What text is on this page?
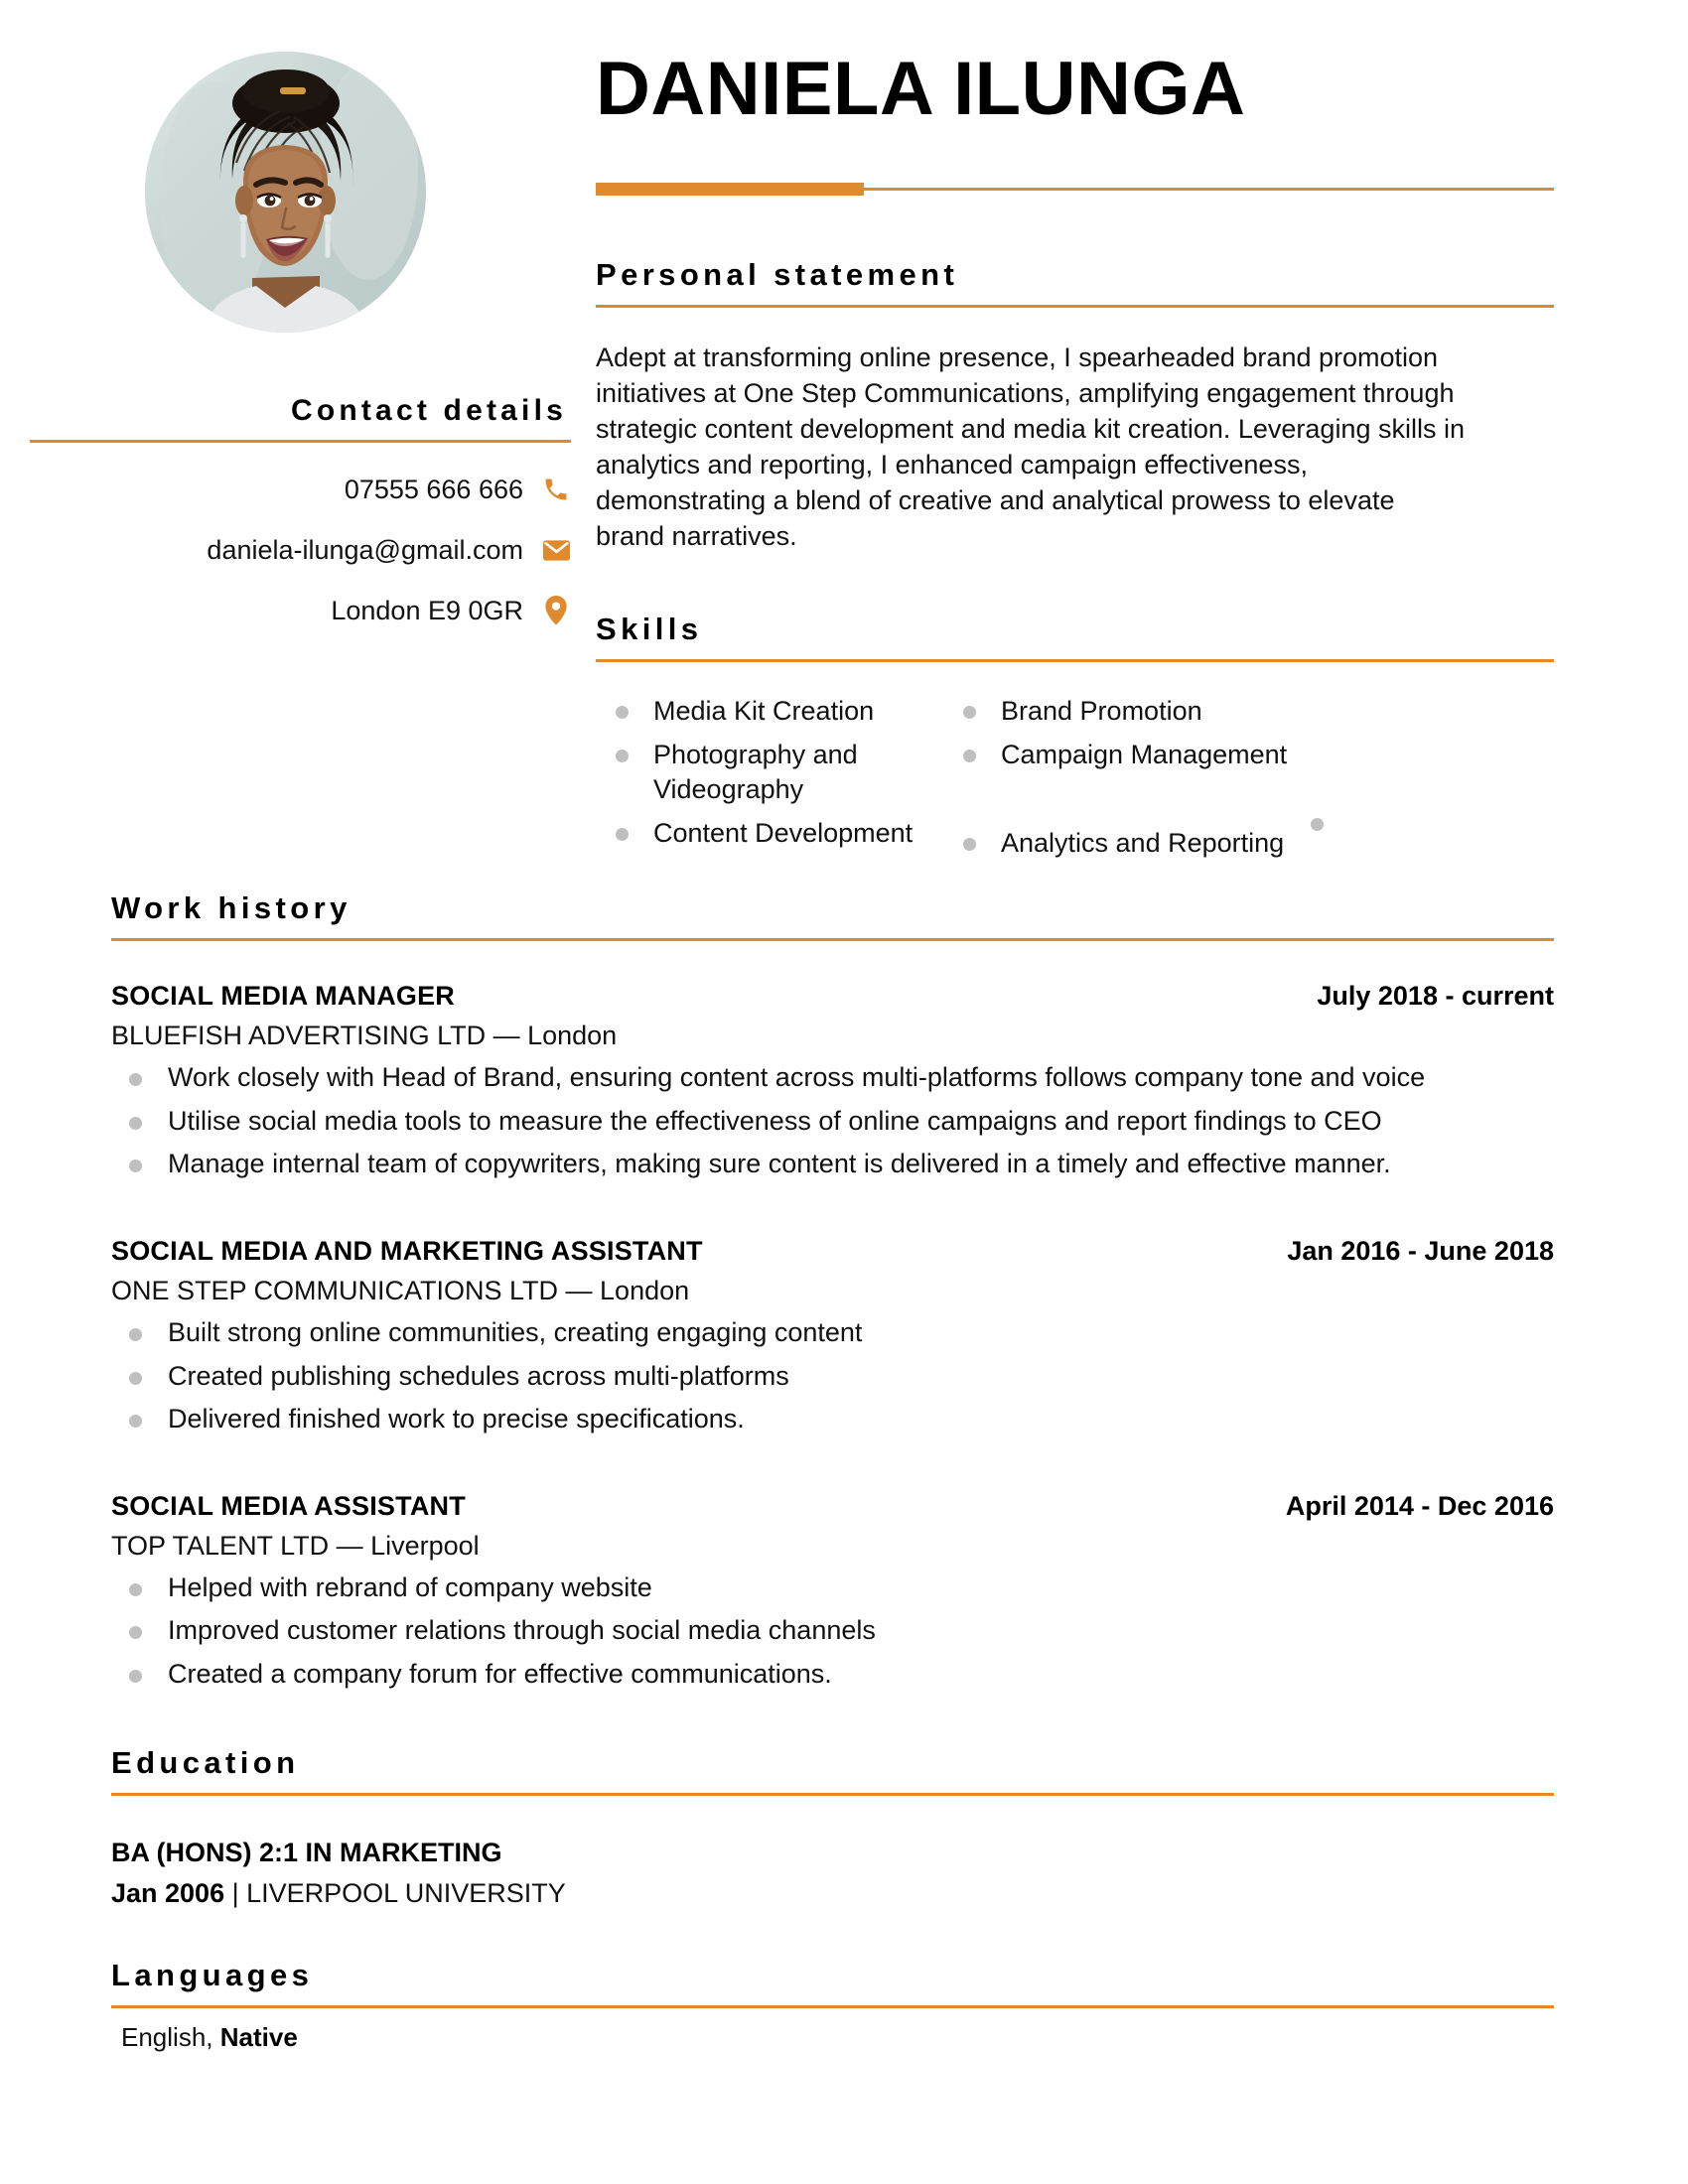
Contact details
07555 666 666
daniela-ilunga@gmail.com
London E9 0GR
DANIELA ILUNGA
Personal statement

Adept at transforming online presence, I spearheaded brand promotion initiatives at One Step Communications, amplifying engagement through strategic content development and media kit creation. Leveraging skills in analytics and reporting, I enhanced campaign effectiveness, demonstrating a blend of creative and analytical prowess to elevate brand narratives.

Skills
Media Kit Creation
Photography and Videography
Content Development
Brand Promotion
Campaign Management
Analytics and Reporting
Work history
SOCIAL MEDIA MANAGER	July 2018 - current
BLUEFISH ADVERTISING LTD — London
Work closely with Head of Brand, ensuring content across multi-platforms follows company tone and voice
Utilise social media tools to measure the effectiveness of online campaigns and report findings to CEO
Manage internal team of copywriters, making sure content is delivered in a timely and effective manner.
SOCIAL MEDIA AND MARKETING ASSISTANT	Jan 2016 - June 2018
ONE STEP COMMUNICATIONS LTD — London
Built strong online communities, creating engaging content
Created publishing schedules across multi-platforms
Delivered finished work to precise specifications.
SOCIAL MEDIA ASSISTANT	April 2014 - Dec 2016
TOP TALENT LTD — Liverpool
Helped with rebrand of company website
Improved customer relations through social media channels
Created a company forum for effective communications.
Education
BA (HONS) 2:1 IN MARKETING
Jan 2006 | LIVERPOOL UNIVERSITY
Languages
English, Native
